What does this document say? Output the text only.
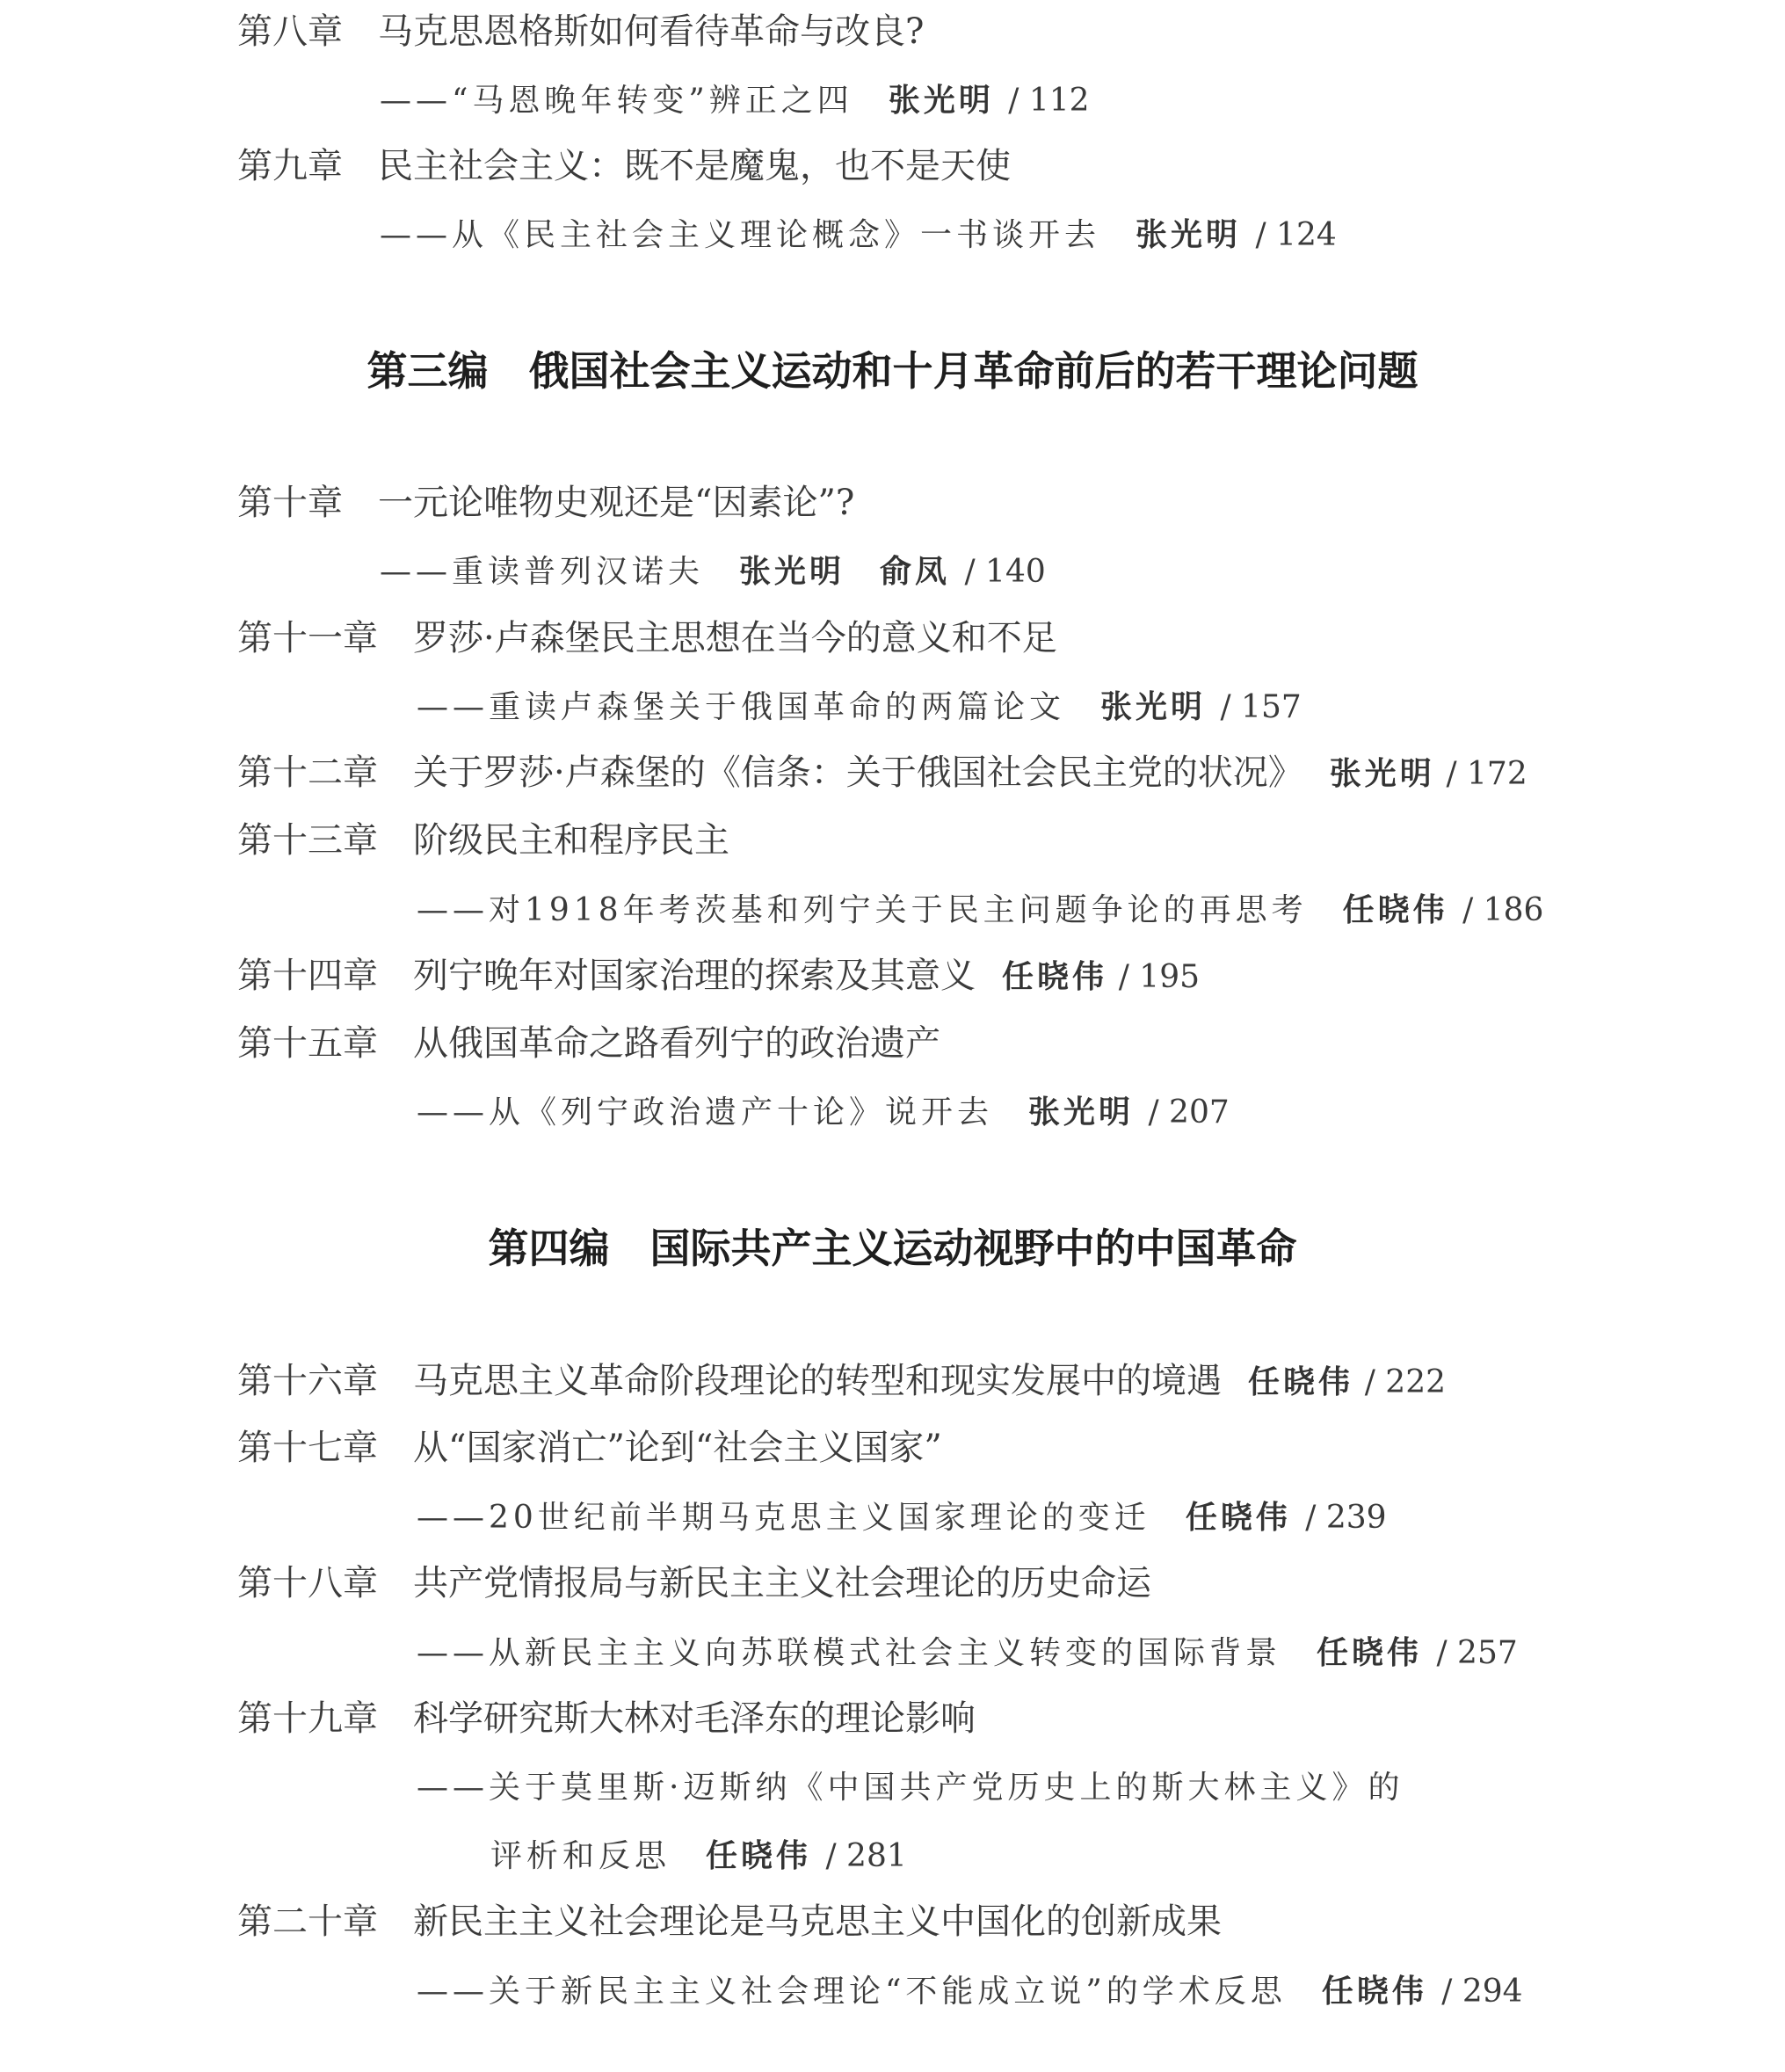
第八章 马克思恩格斯如何看待革命与改良?
——“马恩晚年转变”辨正之四 张光明 / 112
第九章 民主社会主义：既不是魔鬼，也不是天使
——从《民主社会主义理论概念》一书谈开去 张光明 / 124
第三编　俄国社会主义运动和十月革命前后的若干理论问题
第十章 一元论唯物史观还是“因素论”?
——重读普列汉诺夫 张光明　俞凤 / 140
第十一章 罗莎·卢森堡民主思想在当今的意义和不足
——重读卢森堡关于俄国革命的两篇论文 张光明 / 157
第十二章 关于罗莎·卢森堡的《信条：关于俄国社会民主党的状况》 张光明 / 172
第十三章 阶级民主和程序民主
——对1918年考茨基和列宁关于民主问题争论的再思考 任晓伟 / 186
第十四章 列宁晚年对国家治理的探索及其意义 任晓伟 / 195
第十五章 从俄国革命之路看列宁的政治遗产
——从《列宁政治遗产十论》说开去 张光明 / 207
第四编　国际共产主义运动视野中的中国革命
第十六章 马克思主义革命阶段理论的转型和现实发展中的境遇 任晓伟 / 222
第十七章 从“国家消亡”论到“社会主义国家”
——20世纪前半期马克思主义国家理论的变迁 任晓伟 / 239
第十八章 共产党情报局与新民主主义社会理论的历史命运
——从新民主主义向苏联模式社会主义转变的国际背景 任晓伟 / 257
第十九章 科学研究斯大林对毛泽东的理论影响
——关于莫里斯·迈斯纳《中国共产党历史上的斯大林主义》的
评析和反思 任晓伟 / 281
第二十章 新民主主义社会理论是马克思主义中国化的创新成果
——关于新民主主义社会理论“不能成立说”的学术反思 任晓伟 / 294
